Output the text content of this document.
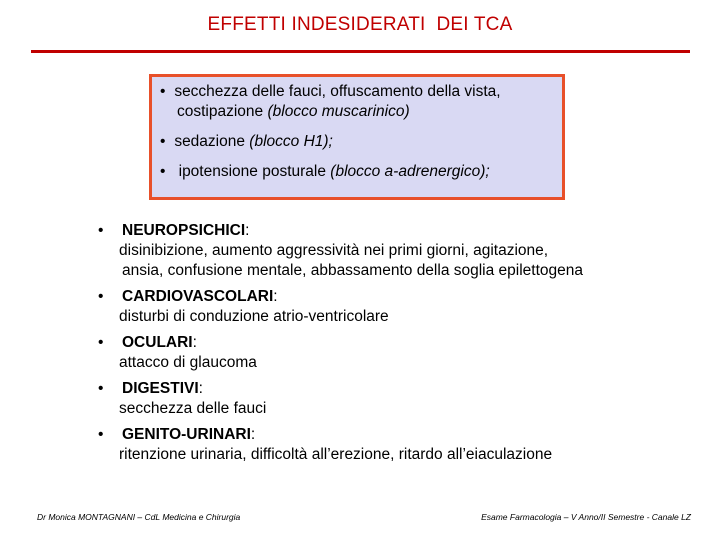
EFFETTI INDESIDERATI  DEI TCA
• secchezza delle fauci, offuscamento della vista,
costipazione (blocco muscarinico)
• sedazione (blocco H1);
•  ipotensione posturale (blocco a-adrenergico);
• NEUROPSICHICI:
disinibizione, aumento aggressività nei primi giorni, agitazione,
ansia, confusione mentale, abbassamento della soglia epilettogena
• CARDIOVASCOLARI:
disturbi di conduzione atrio-ventricolare
• OCULARI:
attacco di glaucoma
• DIGESTIVI:
secchezza delle fauci
• GENITO-URINARI:
ritenzione urinaria, difficoltà all’erezione, ritardo all’eiaculazione
Dr Monica MONTAGNANI – CdL Medicina e Chirurgia	Esame Farmacologia – V Anno/II Semestre - Canale LZ
